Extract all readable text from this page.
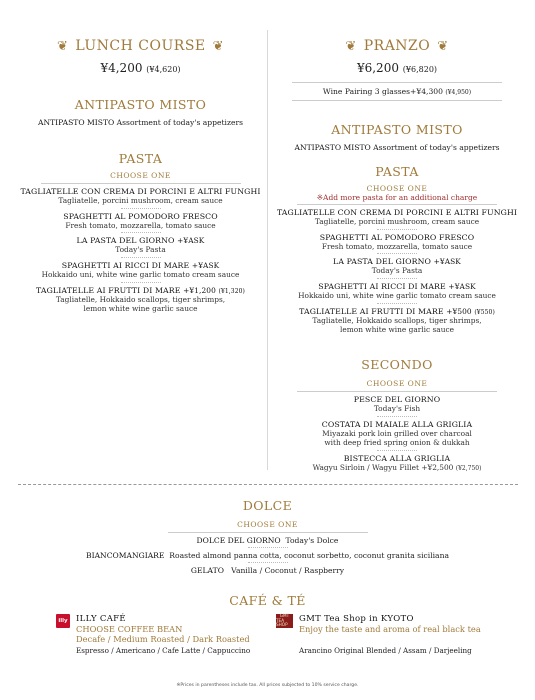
❦ LUNCH COURSE ❦
¥4,200 (¥4,620)
ANTIPASTO MISTO
ANTIPASTO MISTO Assortment of today's appetizers
PASTA
CHOOSE ONE
TAGLIATELLE CON CREMA DI PORCINI E ALTRI FUNGHI
Tagliatelle, porcini mushroom, cream sauce
SPAGHETTI AL POMODORO FRESCO
Fresh tomato, mozzarella, tomato sauce
LA PASTA DEL GIORNO +¥ASK
Today's Pasta
SPAGHETTI AI RICCI DI MARE +¥ASK
Hokkaido uni, white wine garlic tomato cream sauce
TAGLIATELLE AI FRUTTI DI MARE +¥1,200 (¥1,320)
Tagliatelle, Hokkaido scallops, tiger shrimps,
lemon white wine garlic sauce
❦ PRANZO ❦
¥6,200 (¥6,820)
Wine Pairing 3 glasses+¥4,300 (¥4,950)
ANTIPASTO MISTO
ANTIPASTO MISTO Assortment of today's appetizers
PASTA
CHOOSE ONE
※Add more pasta for an additional charge
TAGLIATELLE CON CREMA DI PORCINI E ALTRI FUNGHI
Tagliatelle, porcini mushroom, cream sauce
SPAGHETTI AL POMODORO FRESCO
Fresh tomato, mozzarella, tomato sauce
LA PASTA DEL GIORNO +¥ASK
Today's Pasta
SPAGHETTI AI RICCI DI MARE +¥ASK
Hokkaido uni, white wine garlic tomato cream sauce
TAGLIATELLE AI FRUTTI DI MARE +¥500 (¥550)
Tagliatelle, Hokkaido scallops, tiger shrimps,
lemon white wine garlic sauce
SECONDO
CHOOSE ONE
PESCE DEL GIORNO
Today's Fish
COSTATA DI MAIALE ALLA GRIGLIA
Miyazaki pork loin grilled over charcoal
with deep fried spring onion & dukkah
BISTECCA ALLA GRIGLIA
Wagyu Sirloin / Wagyu Fillet +¥2,500 (¥2,750)
DOLCE
CHOOSE ONE
DOLCE DEL GIORNO Today's Dolce
BIANCOMANGIARE Roasted almond panna cotta, coconut sorbetto, coconut granita siciliana
GELATO Vanilla / Coconut / Raspberry
CAFÉ & TÉ
illy ILLY CAFÉ
CHOOSE COFFEE BEAN
Decafe / Medium Roasted / Dark Roasted
Espresso / Americano / Cafe Latte / Cappuccino
GMT
TEA SHOP
GMT Tea Shop in KYOTO
Enjoy the taste and aroma of real black tea
Arancino Original Blended / Assam / Darjeeling
※Prices in parentheses include tax. All prices subjected to 10% service charge.
